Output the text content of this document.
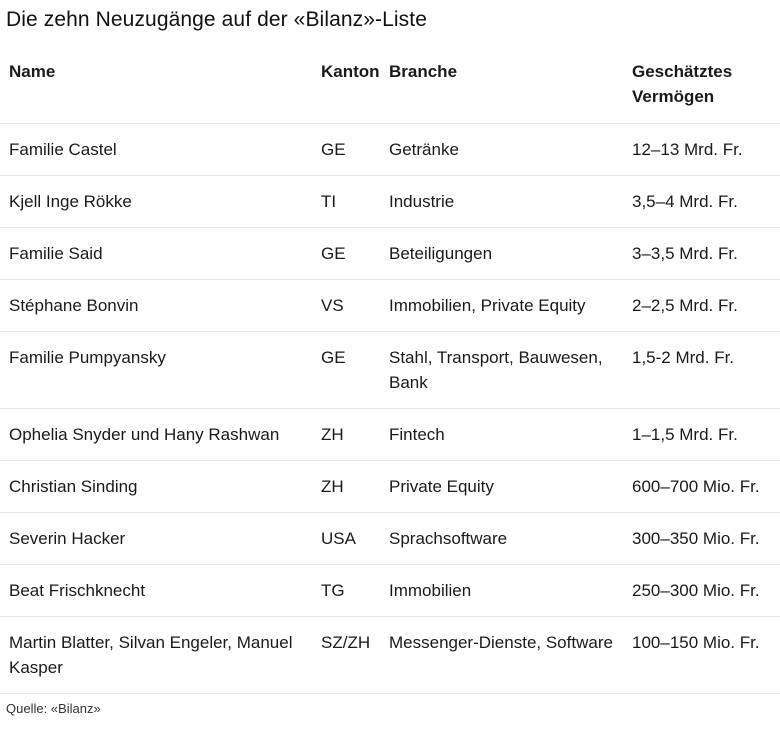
Die zehn Neuzugänge auf der «Bilanz»-Liste
Name	Kanton	Branche	Geschätztes Vermögen
Familie Castel	GE	Getränke	12–13 Mrd. Fr.
Kjell Inge Rökke	TI	Industrie	3,5–4 Mrd. Fr.
Familie Said	GE	Beteiligungen	3–3,5 Mrd. Fr.
Stéphane Bonvin	VS	Immobilien, Private Equity	2–2,5 Mrd. Fr.
Familie Pumpyansky	GE	Stahl, Transport, Bauwesen, Bank	1,5-2 Mrd. Fr.
Ophelia Snyder und Hany Rashwan	ZH	Fintech	1–1,5 Mrd. Fr.
Christian Sinding	ZH	Private Equity	600–700 Mio. Fr.
Severin Hacker	USA	Sprachsoftware	300–350 Mio. Fr.
Beat Frischknecht	TG	Immobilien	250–300 Mio. Fr.
Martin Blatter, Silvan Engeler, Manuel Kasper	SZ/ZH	Messenger-Dienste, Software	100–150 Mio. Fr.
Quelle: «Bilanz»
